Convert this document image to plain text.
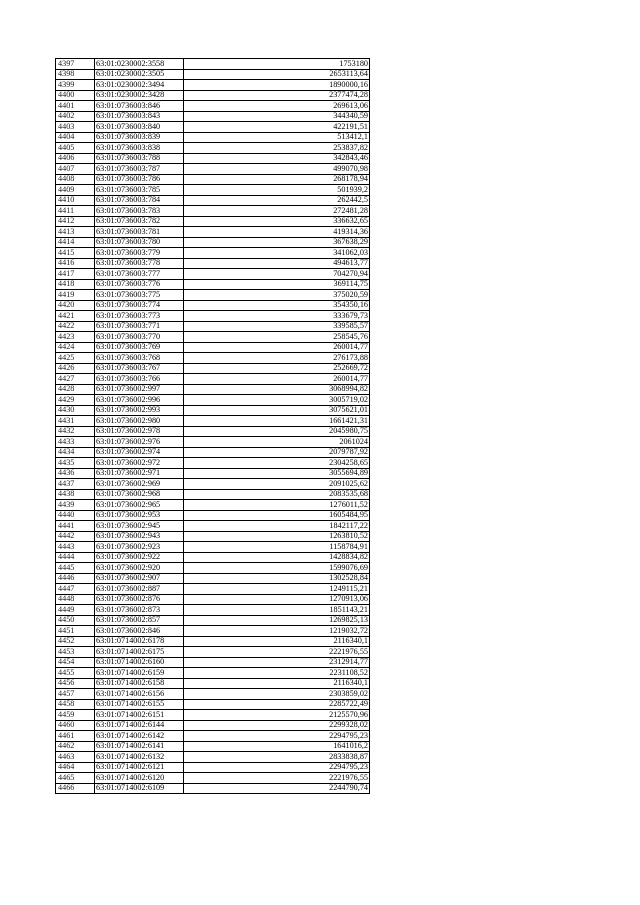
4397	63:01:0230002:3558	1753180
4398	63:01:0230002:3505	2653113,64
4399	63:01:0230002:3494	1890000,16
4400	63:01:0230002:3428	2377474,28
4401	63:01:0736003:846	269613,06
4402	63:01:0736003:843	344340,59
4403	63:01:0736003:840	422191,51
4404	63:01:0736003:839	513412,1
4405	63:01:0736003:838	253837,82
4406	63:01:0736003:788	342843,46
4407	63:01:0736003:787	499070,98
4408	63:01:0736003:786	268178,94
4409	63:01:0736003:785	501939,2
4410	63:01:0736003:784	262442,5
4411	63:01:0736003:783	272481,28
4412	63:01:0736003:782	336632,65
4413	63:01:0736003:781	419314,36
4414	63:01:0736003:780	367638,29
4415	63:01:0736003:779	341062,03
4416	63:01:0736003:778	494613,77
4417	63:01:0736003:777	704270,94
4418	63:01:0736003:776	369114,75
4419	63:01:0736003:775	375020,59
4420	63:01:0736003:774	354350,16
4421	63:01:0736003:773	333679,73
4422	63:01:0736003:771	339585,57
4423	63:01:0736003:770	258545,76
4424	63:01:0736003:769	260014,77
4425	63:01:0736003:768	276173,88
4426	63:01:0736003:767	252669,72
4427	63:01:0736003:766	260014,77
4428	63:01:0736002:997	3068994,82
4429	63:01:0736002:996	3005719,02
4430	63:01:0736002:993	3075621,01
4431	63:01:0736002:980	1661421,31
4432	63:01:0736002:978	2045980,75
4433	63:01:0736002:976	2061024
4434	63:01:0736002:974	2079787,92
4435	63:01:0736002:972	2304258,65
4436	63:01:0736002:971	3055694,89
4437	63:01:0736002:969	2091025,62
4438	63:01:0736002:968	2083535,68
4439	63:01:0736002:965	1276011,52
4440	63:01:0736002:953	1605484,95
4441	63:01:0736002:945	1842117,22
4442	63:01:0736002:943	1263810,52
4443	63:01:0736002:923	1158784,91
4444	63:01:0736002:922	1428834,82
4445	63:01:0736002:920	1599076,69
4446	63:01:0736002:907	1302528,84
4447	63:01:0736002:887	1249115,21
4448	63:01:0736002:876	1270913,06
4449	63:01:0736002:873	1851143,21
4450	63:01:0736002:857	1269825,13
4451	63:01:0736002:846	1219032,72
4452	63:01:0714002:6178	2116340,1
4453	63:01:0714002:6175	2221976,55
4454	63:01:0714002:6160	2312914,77
4455	63:01:0714002:6159	2231108,52
4456	63:01:0714002:6158	2116340,1
4457	63:01:0714002:6156	2303859,02
4458	63:01:0714002:6155	2285722,49
4459	63:01:0714002:6151	2125570,96
4460	63:01:0714002:6144	2299328,02
4461	63:01:0714002:6142	2294795,23
4462	63:01:0714002:6141	1641016,2
4463	63:01:0714002:6132	2833838,87
4464	63:01:0714002:6121	2294795,23
4465	63:01:0714002:6120	2221976,55
4466	63:01:0714002:6109	2244790,74
